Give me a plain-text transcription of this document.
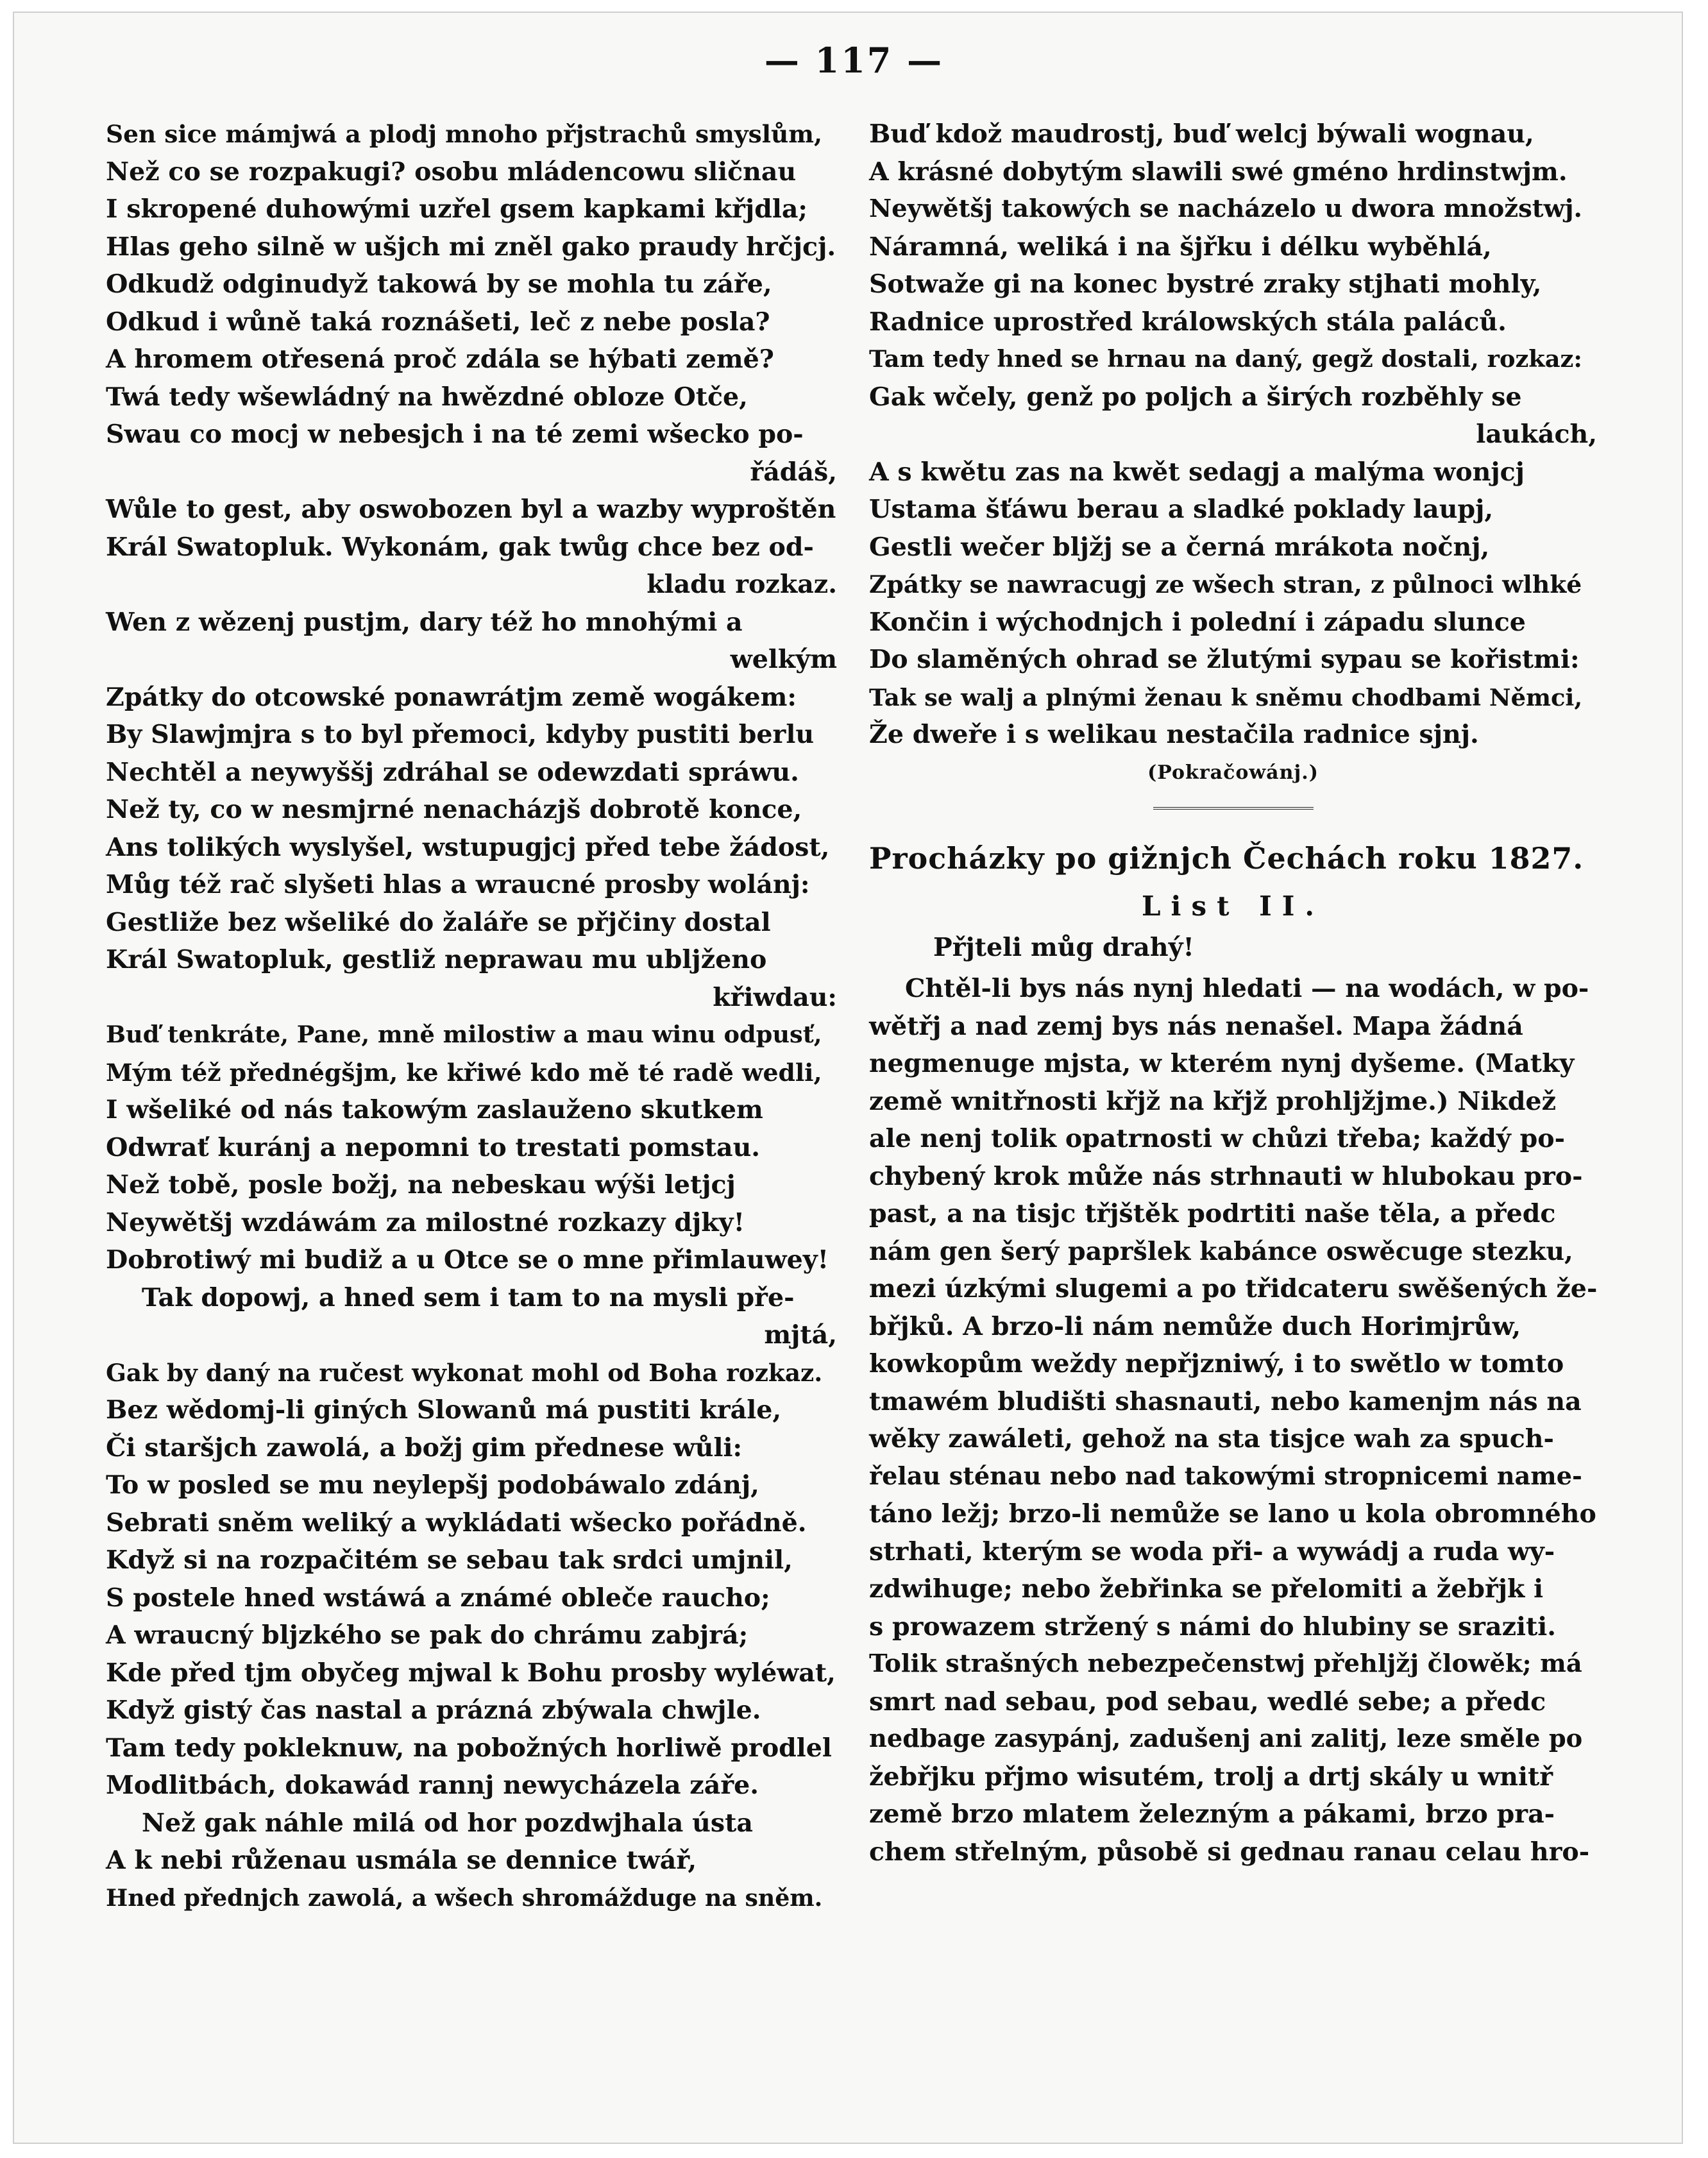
— 117 —
Sen sice mámjwá a plodj mnoho přjstrachů smyslům,
Než co se rozpakugi? osobu mládencowu sličnau
I skropené duhowými uzřel gsem kapkami křjdla;
Hlas geho silně w ušjch mi zněl gako praudy hrčjcj.
Odkudž odginudyž takowá by se mohla tu záře,
Odkud i wůně taká roznášeti, leč z nebe posla?
A hromem otřesená proč zdála se hýbati země?
Twá tedy wšewládný na hwězdné obloze Otče,
Swau co mocj w nebesjch i na té zemi wšecko po-
řádáš,
Wůle to gest, aby oswobozen byl a wazby wyproštěn
Král Swatopluk. Wykonám, gak twůg chce bez od-
kladu rozkaz.
Wen z wězenj pustjm, dary též ho mnohými a
welkým
Zpátky do otcowské ponawrátjm země wogákem:
By Slawjmjra s to byl přemoci, kdyby pustiti berlu
Nechtěl a neywyššj zdráhal se odewzdati spráwu.
Než ty, co w nesmjrné nenacházjš dobrotě konce,
Ans tolikých wyslyšel, wstupugjcj před tebe žádost,
Můg též rač slyšeti hlas a wraucné prosby wolánj:
Gestliže bez wšeliké do žaláře se přjčiny dostal
Král Swatopluk, gestliž neprawau mu ubljženo
křiwdau:
Buď tenkráte, Pane, mně milostiw a mau winu odpusť,
Mým též přednégšjm, ke křiwé kdo mě té radě wedli,
I wšeliké od nás takowým zaslauženo skutkem
Odwrať kuránj a nepomni to trestati pomstau.
Než tobě, posle božj, na nebeskau wýši letjcj
Neywětšj wzdáwám za milostné rozkazy djky!
Dobrotiwý mi budiž a u Otce se o mne přimlauwey!
Tak dopowj, a hned sem i tam to na mysli pře-
mjtá,
Gak by daný na ručest wykonat mohl od Boha rozkaz.
Bez wědomj-li giných Slowanů má pustiti krále,
Či staršjch zawolá, a božj gim přednese wůli:
To w posled se mu neylepšj podobáwalo zdánj,
Sebrati sněm weliký a wykládati wšecko pořádně.
Když si na rozpačitém se sebau tak srdci umjnil,
S postele hned wstáwá a známé obleče raucho;
A wraucný bljzkého se pak do chrámu zabjrá;
Kde před tjm obyčeg mjwal k Bohu prosby wyléwat,
Když gistý čas nastal a prázná zbýwala chwjle.
Tam tedy pokleknuw, na pobožných horliwě prodlel
Modlitbách, dokawád rannj newycházela záře.
Než gak náhle milá od hor pozdwjhala ústa
A k nebi růženau usmála se dennice twář,
Hned přednjch zawolá, a wšech shromážduge na sněm.
Buď kdož maudrostj, buď welcj býwali wognau,
A krásné dobytým slawili swé gméno hrdinstwjm.
Neywětšj takowých se nacházelo u dwora množstwj.
Náramná, weliká i na šjřku i délku wyběhlá,
Sotwaže gi na konec bystré zraky stjhati mohly,
Radnice uprostřed králowských stála paláců.
Tam tedy hned se hrnau na daný, gegž dostali, rozkaz:
Gak wčely, genž po poljch a širých rozběhly se
laukách,
A s kwětu zas na kwět sedagj a malýma wonjcj
Ustama šťáwu berau a sladké poklady laupj,
Gestli wečer bljžj se a černá mrákota nočnj,
Zpátky se nawracugj ze wšech stran, z půlnoci wlhké
Končin i wýchodnjch i polední i západu slunce
Do slaměných ohrad se žlutými sypau se kořistmi:
Tak se walj a plnými ženau k sněmu chodbami Němci,
Že dweře i s welikau nestačila radnice sjnj.
(Pokračowánj.)
Procházky po gižnjch Čechách roku 1827.
List II.
Přjteli můg drahý!
Chtěl-li bys nás nynj hledati — na wodách, w po-
wětřj a nad zemj bys nás nenašel. Mapa žádná
negmenuge mjsta, w kterém nynj dyšeme. (Matky
země wnitřnosti křjž na křjž prohljžjme.) Nikdež
ale nenj tolik opatrnosti w chůzi třeba; každý po-
chybený krok může nás strhnauti w hlubokau pro-
past, a na tisjc třjštěk podrtiti naše těla, a předc
nám gen šerý papršlek kabánce oswěcuge stezku,
mezi úzkými slugemi a po třidcateru swěšených že-
břjků. A brzo-li nám nemůže duch Horimjrůw,
kowkopům weždy nepřjzniwý, i to swětlo w tomto
tmawém bludišti shasnauti, nebo kamenjm nás na
wěky zawáleti, gehož na sta tisjce wah za spuch-
řelau sténau nebo nad takowými stropnicemi name-
táno ležj; brzo-li nemůže se lano u kola obromného
strhati, kterým se woda při- a wywádj a ruda wy-
zdwihuge; nebo žebřinka se přelomiti a žebřjk i
s prowazem stržený s námi do hlubiny se sraziti.
Tolik strašných nebezpečenstwj přehljžj člowěk; má
smrt nad sebau, pod sebau, wedlé sebe; a předc
nedbage zasypánj, zadušenj ani zalitj, leze směle po
žebřjku přjmo wisutém, trolj a drtj skály u wnitř
země brzo mlatem železným a pákami, brzo pra-
chem střelným, působě si gednau ranau celau hro-
